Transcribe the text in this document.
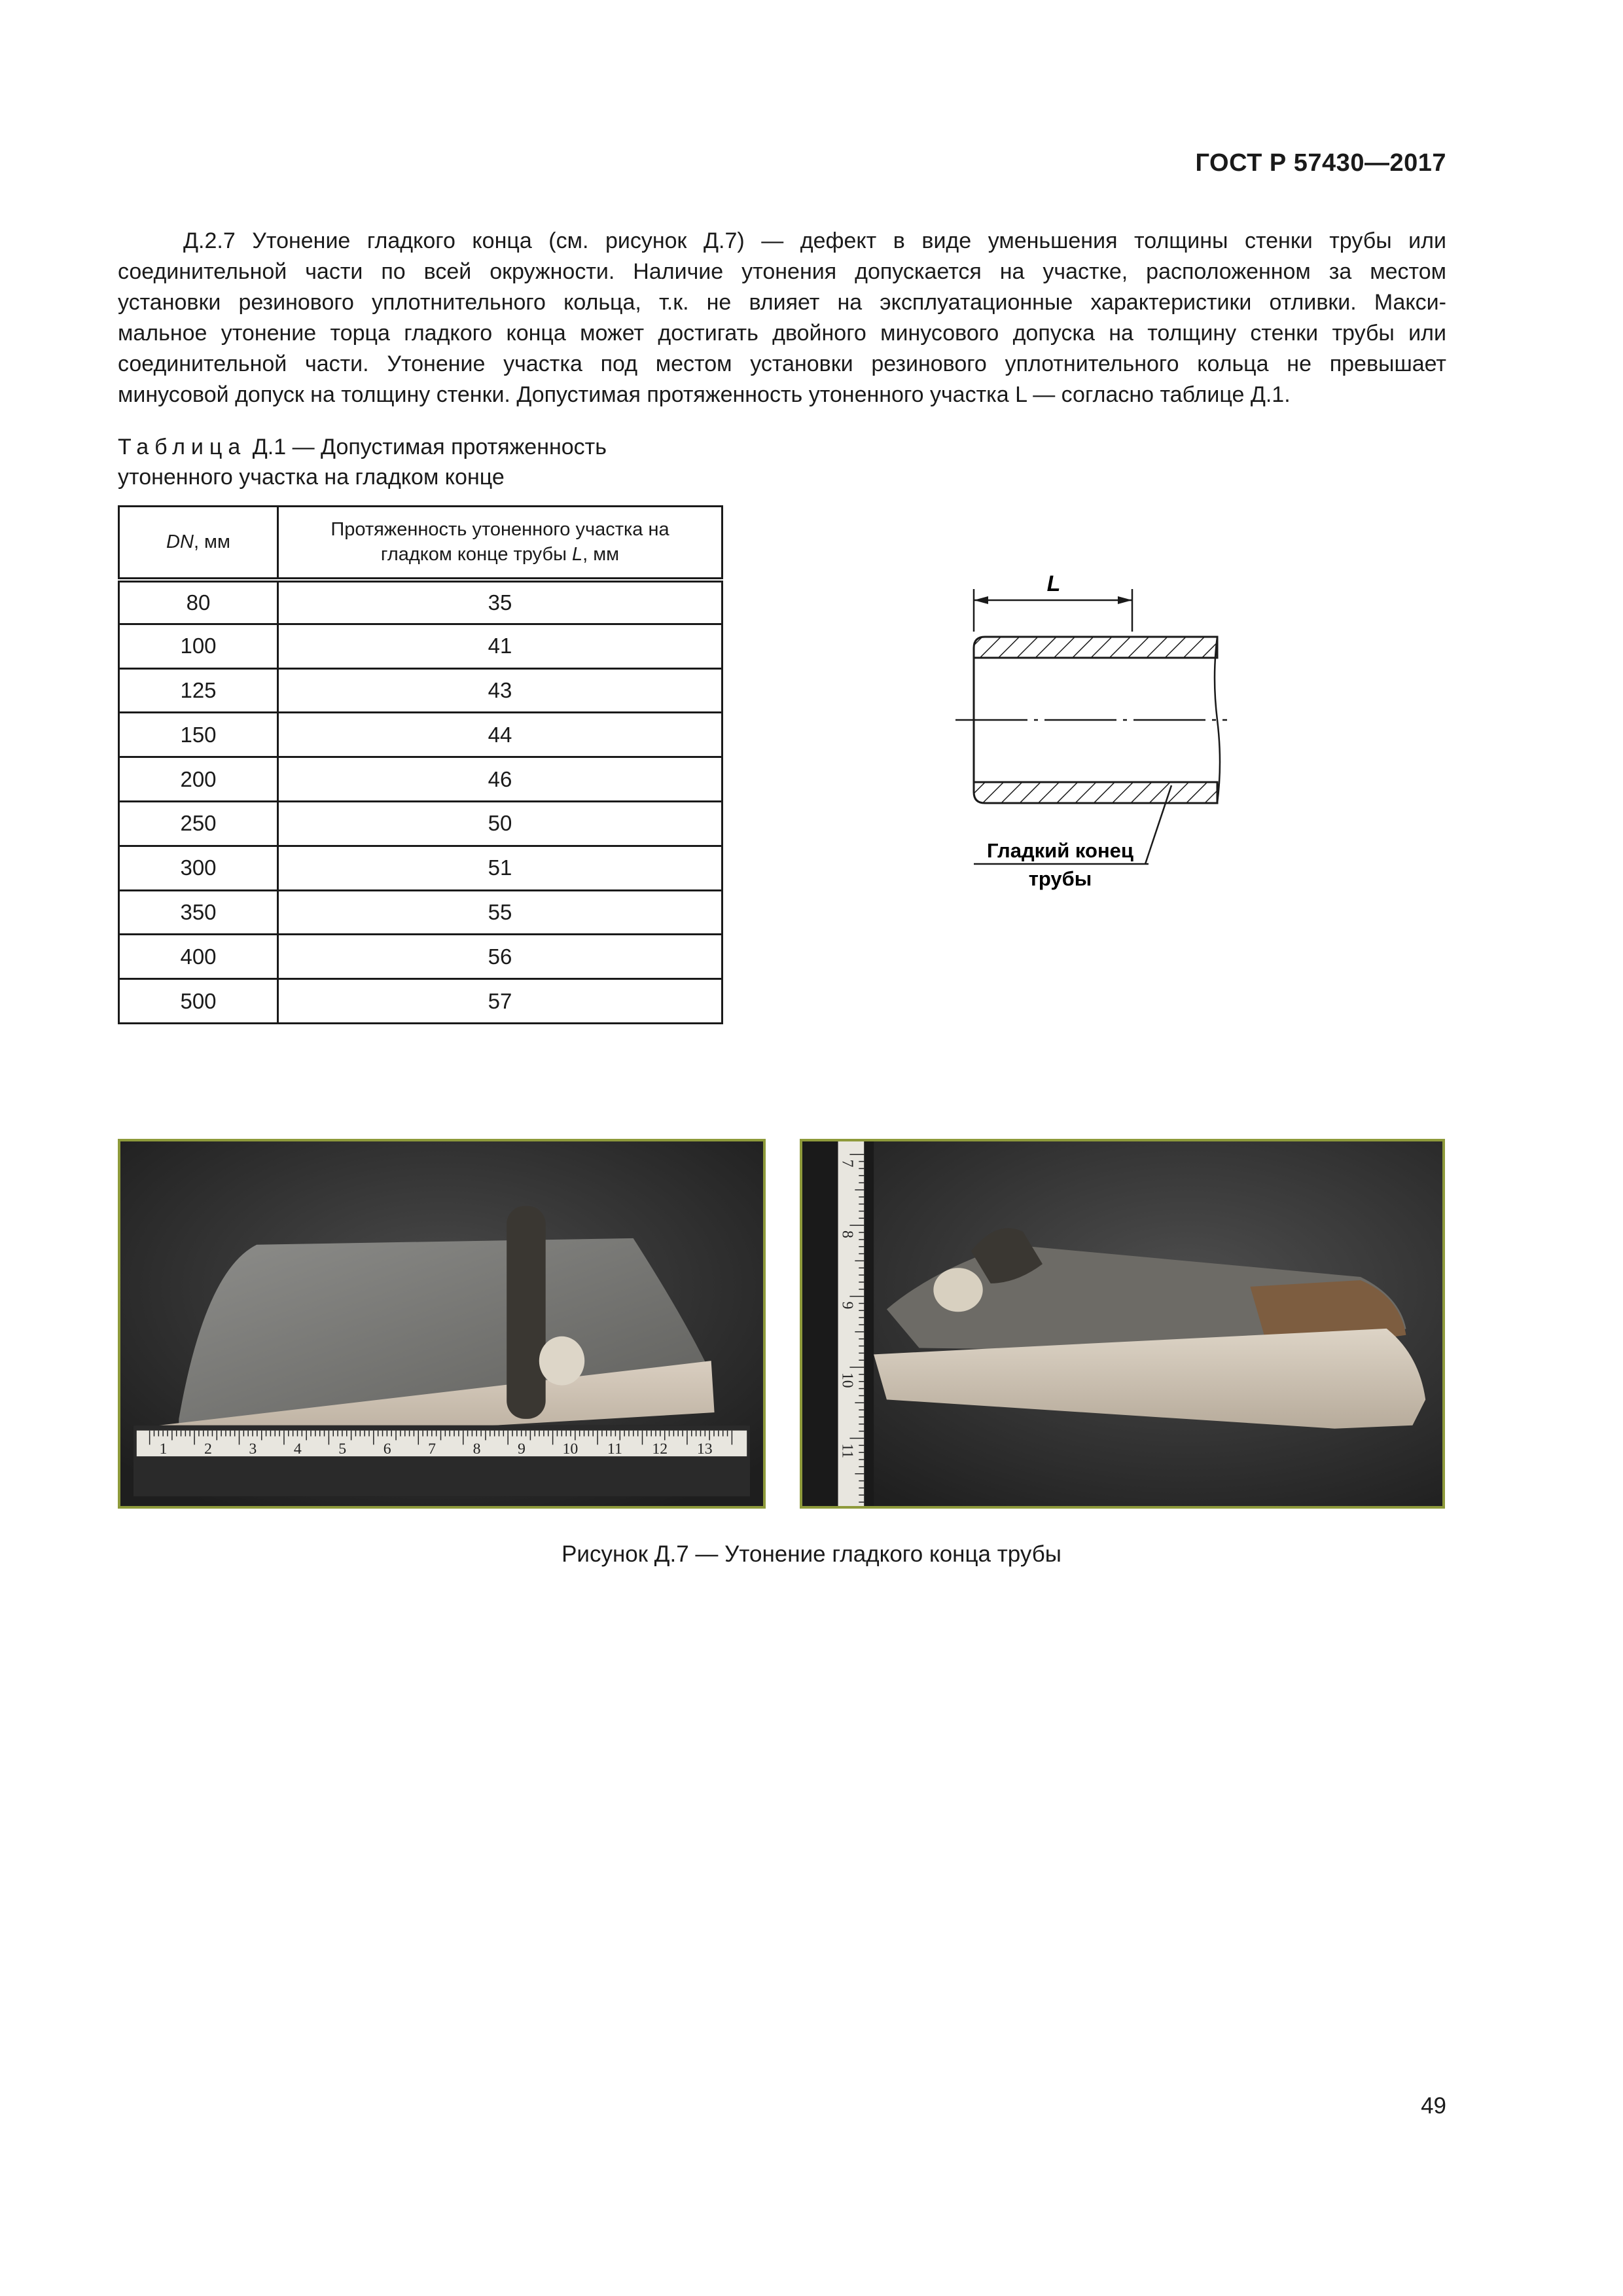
ГОСТ Р 57430—2017
Д.2.7 Утонение гладкого конца (см. рисунок Д.7) — дефект в виде уменьшения толщины стенки трубы или
соединительной части по всей окружности. Наличие утонения допускается на участке, расположенном за местом
установки резинового уплотнительного кольца, т.к. не влияет на эксплуатационные характеристики отливки. Макси-
мальное утонение торца гладкого конца может достигать двойного минусового допуска на толщину стенки трубы или
соединительной части. Утонение участка под местом установки резинового уплотнительного кольца не превышает
минусовой допуск на толщину стенки. Допустимая протяженность утоненного участка L — согласно таблице Д.1.
Таблица Д.1 — Допустимая протяженность
утоненного участка на гладком конце
DN, мм	Протяженность утоненного участка на
гладком конце трубы L, мм
80	35
100	41
125	43
150	44
200	46
250	50
300	51
350	55
400	56
500	57
L
Гладкий конец
трубы
1 2 3 4 5 6 7 8 9 10 11 12 13
7
8
9
10
11
Рисунок Д.7 — Утонение гладкого конца трубы
49
